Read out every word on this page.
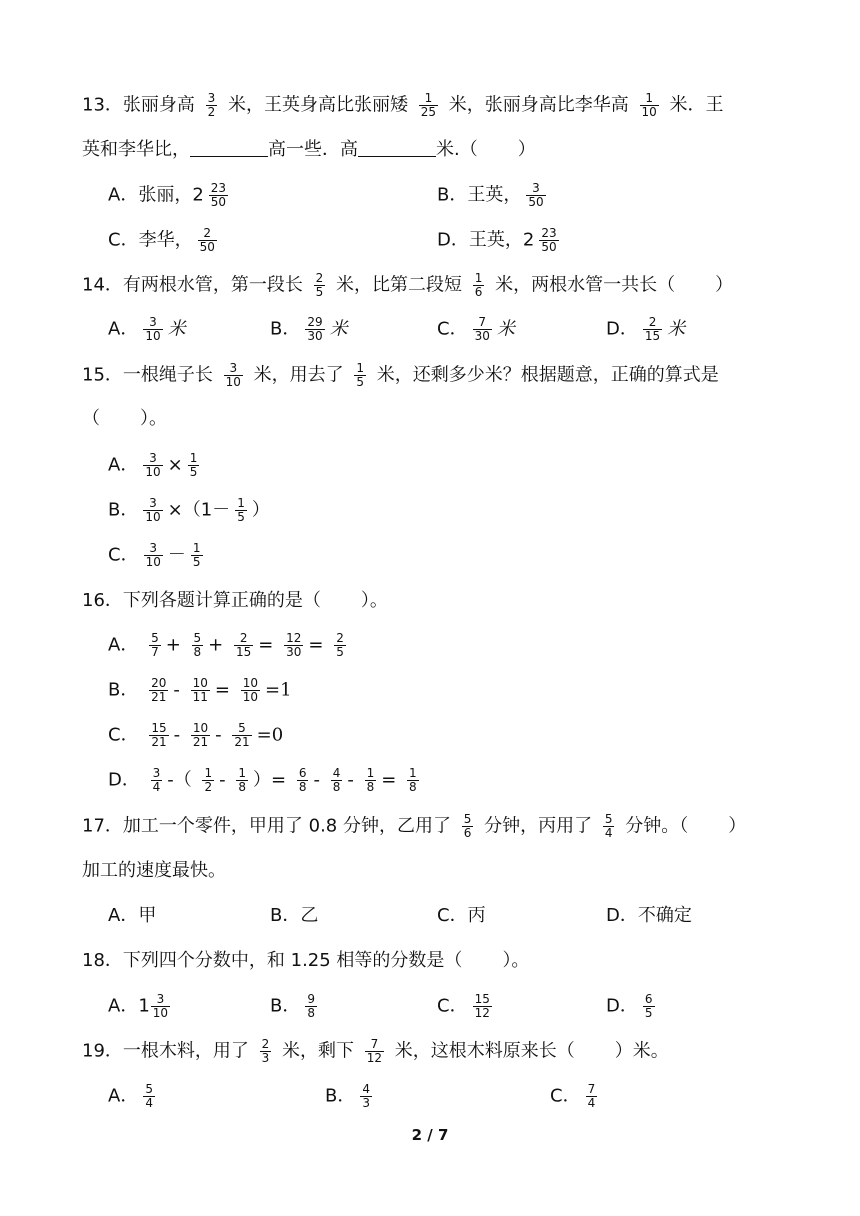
13．张丽身高 $\frac{3}{2}$ 米，王英身高比张丽矮 $\frac{1}{25}$ 米，张丽身高比李华高 $\frac{1}{10}$ 米．王
英和李华比，	高一些．高	米.（ ）
A．张丽，$2 \frac{23}{50}$	B．王英， $\frac{3}{50}$
C．李华， $\frac{2}{50}$	D．王英，$2 \frac{23}{50}$
14．有两根水管，第一段长 $\frac{2}{5}$ 米，比第二段短 $\frac{1}{6}$ 米，两根水管一共长（ ）
A． $\frac{3}{10}$ 米	B． $\frac{29}{30}$ 米	C． $\frac{7}{30}$ 米	D． $\frac{2}{15}$ 米
15．一根绳子长 $\frac{3}{10}$ 米，用去了 $\frac{1}{5}$ 米，还剩多少米？根据题意，正确的算式是
（ ）。
A． $\frac{3}{10} \times \frac{1}{5}$
B． $\frac{3}{10} \times(1- \frac{1}{5}$ ）
C． $\frac{3}{10} - \frac{1}{5}$
16．下列各题计算正确的是（ ）。
A． $\frac{5}{7} + \frac{5}{8} + \frac{2}{15} = \frac{12}{30} = \frac{2}{5}$
B． $\frac{20}{21} - \frac{10}{11} = \frac{10}{10} =1$
C． $\frac{15}{21} - \frac{10}{21} - \frac{5}{21} =0$
D． $\frac{3}{4}$ -（ $\frac{1}{2} - \frac{1}{8}$ ）= $\frac{6}{8} - \frac{4}{8} - \frac{1}{8} = \frac{1}{8}$
17．加工一个零件，甲用了 0.8 分钟，乙用了 $\frac{5}{6}$ 分钟，丙用了 $\frac{5}{4}$ 分钟。（ ）
加工的速度最快。
A．甲	B．乙	C．丙	D．不确定
18．下列四个分数中，和 1.25 相等的分数是（ ）。
A．$1 \frac{3}{10}$	B． $\frac{9}{8}$	C． $\frac{15}{12}$	D． $\frac{6}{5}$
19．一根木料，用了 $\frac{2}{3}$ 米，剩下 $\frac{7}{12}$ 米，这根木料原来长（ ）米。
A． $\frac{5}{4}$	B． $\frac{4}{3}$	C． $\frac{7}{4}$
2 / 7
